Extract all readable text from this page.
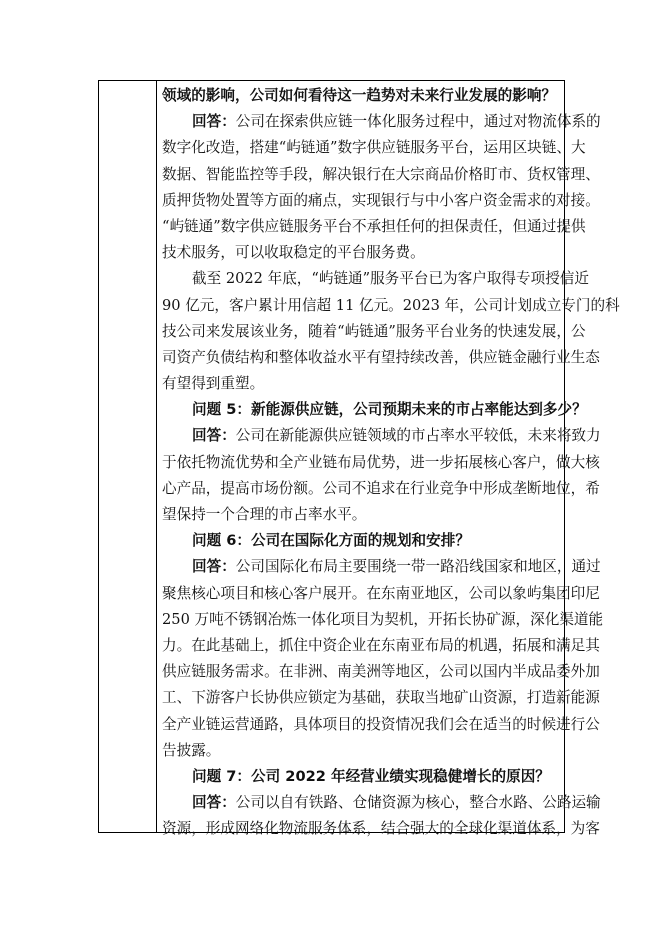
领域的影响，公司如何看待这一趋势对未来行业发展的影响？
回答：公司在探索供应链一体化服务过程中，通过对物流体系的
数字化改造，搭建“屿链通”数字供应链服务平台，运用区块链、大
数据、智能监控等手段，解决银行在大宗商品价格盯市、货权管理、
质押货物处置等方面的痛点，实现银行与中小客户资金需求的对接。
“屿链通”数字供应链服务平台不承担任何的担保责任，但通过提供
技术服务，可以收取稳定的平台服务费。
截至 2022 年底，“屿链通”服务平台已为客户取得专项授信近
90 亿元，客户累计用信超 11 亿元。2023 年，公司计划成立专门的科
技公司来发展该业务，随着“屿链通”服务平台业务的快速发展，公
司资产负债结构和整体收益水平有望持续改善，供应链金融行业生态
有望得到重塑。
问题 5：新能源供应链，公司预期未来的市占率能达到多少？
回答：公司在新能源供应链领域的市占率水平较低，未来将致力
于依托物流优势和全产业链布局优势，进一步拓展核心客户，做大核
心产品，提高市场份额。公司不追求在行业竞争中形成垄断地位，希
望保持一个合理的市占率水平。
问题 6：公司在国际化方面的规划和安排？
回答：公司国际化布局主要围绕一带一路沿线国家和地区，通过
聚焦核心项目和核心客户展开。在东南亚地区，公司以象屿集团印尼
250 万吨不锈钢冶炼一体化项目为契机，开拓长协矿源，深化渠道能
力。在此基础上，抓住中资企业在东南亚布局的机遇，拓展和满足其
供应链服务需求。在非洲、南美洲等地区，公司以国内半成品委外加
工、下游客户长协供应锁定为基础，获取当地矿山资源，打造新能源
全产业链运营通路，具体项目的投资情况我们会在适当的时候进行公
告披露。
问题 7：公司 2022 年经营业绩实现稳健增长的原因？
回答：公司以自有铁路、仓储资源为核心，整合水路、公路运输
资源，形成网络化物流服务体系，结合强大的全球化渠道体系，为客
